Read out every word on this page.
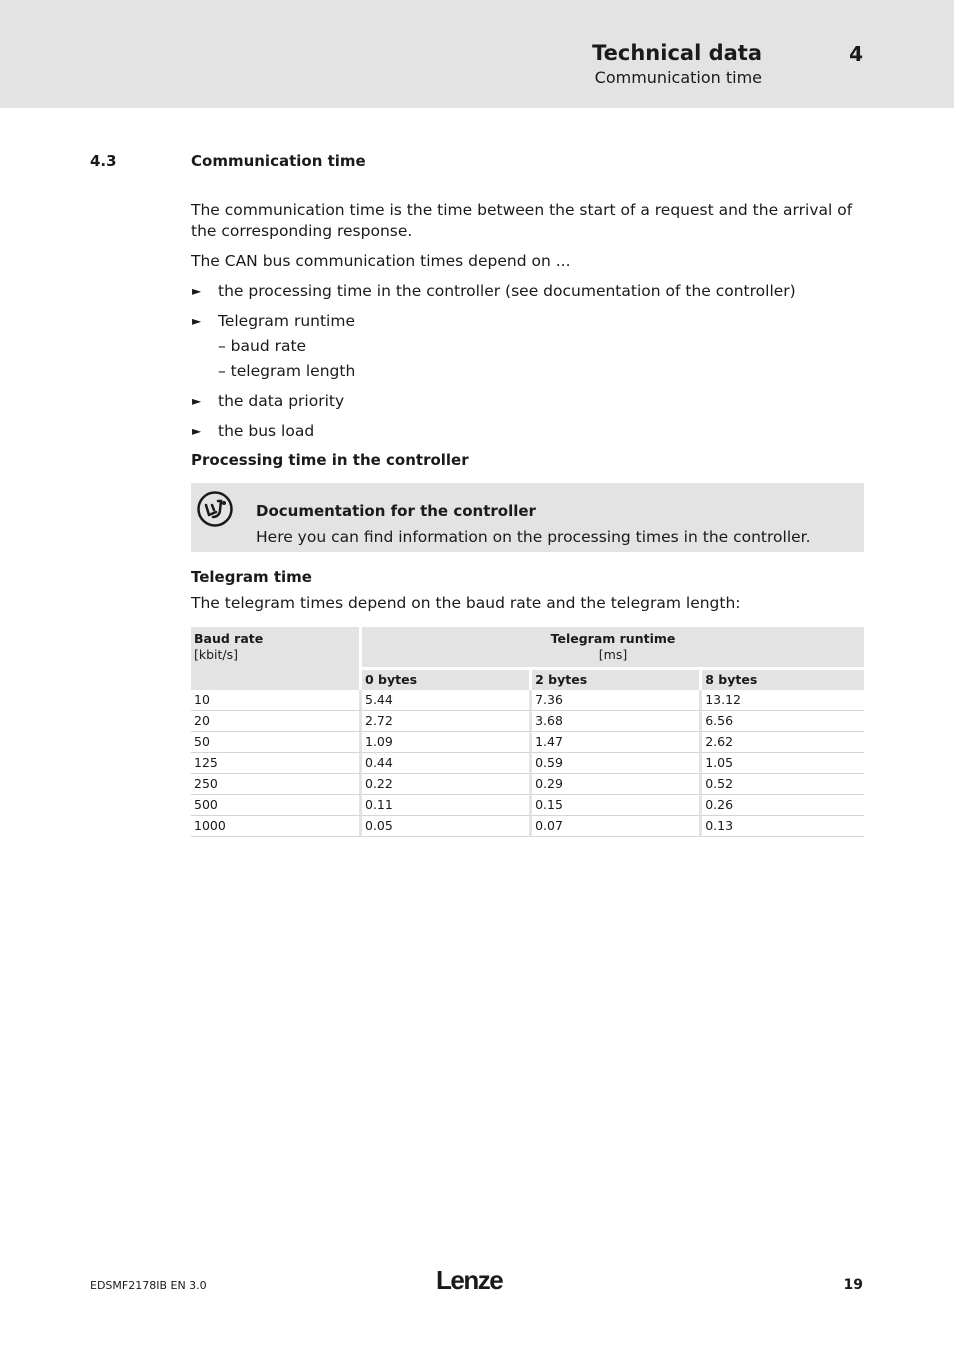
Technical data	4
Communication time
4.3	Communication time

The communication time is the time between the start of a request and the arrival of the corresponding response.

The CAN bus communication times depend on ...

► the processing time in the controller (see documentation of the controller)
► Telegram runtime
– baud rate
– telegram length
► the data priority
► the bus load
Processing time in the controller
Documentation for the controller
Here you can find information on the processing times in the controller.
Telegram time

The telegram times depend on the baud rate and the telegram length:

Baud rate
[kbit/s]	Telegram runtime
[ms]		
	0 bytes	2 bytes	8 bytes
10	5.44	7.36	13.12
20	2.72	3.68	6.56
50	1.09	1.47	2.62
125	0.44	0.59	1.05
250	0.22	0.29	0.52
500	0.11	0.15	0.26
1000	0.05	0.07	0.13
EDSMF2178IB EN 3.0	Lenze	19
